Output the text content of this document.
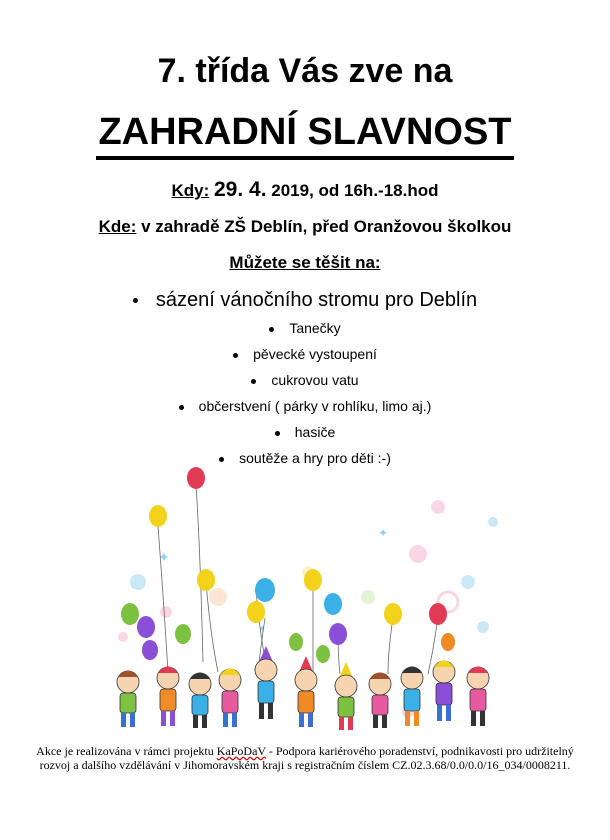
7. třída Vás zve na
ZAHRADNÍ SLAVNOST
Kdy: 29. 4. 2019, od 16h.-18.hod
Kde: v zahradě ZŠ Deblín, před Oranžovou školkou
Můžete se těšit na:
sázení vánočního stromu pro Deblín
Tanečky
pěvecké vystoupení
cukrovou vatu
občerstvení ( párky v rohlíku, limo aj.)
hasiče
soutěže a hry pro děti :-)
✦
✦
✦
Akce je realizována v rámci projektu KaPoDaV - Podpora kariérového poradenství, podnikavosti pro udržitelný rozvoj a dalšího vzdělávání v Jihomoravském kraji s registračním číslem CZ.02.3.68/0.0/0.0/16_034/0008211.
